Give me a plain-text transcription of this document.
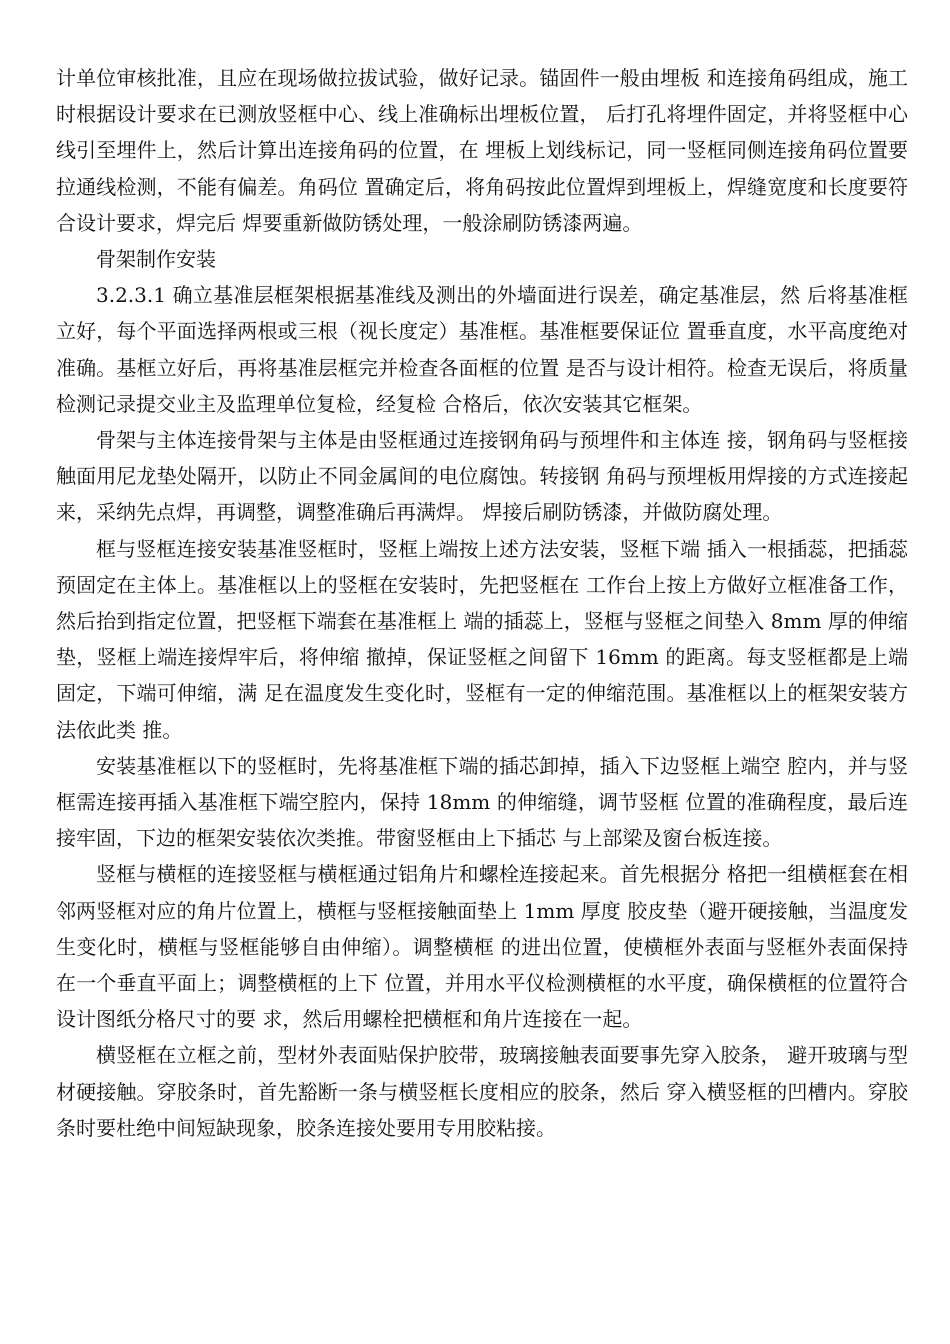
计单位审核批准，且应在现场做拉拔试验，做好记录。锚固件一般由埋板 和连接角码组成，施工时根据设计要求在已测放竖框中心、线上准确标出埋板位置， 后打孔将埋件固定，并将竖框中心线引至埋件上，然后计算出连接角码的位置，在 埋板上划线标记，同一竖框同侧连接角码位置要拉通线检测，不能有偏差。角码位 置确定后，将角码按此位置焊到埋板上，焊缝宽度和长度要符合设计要求，焊完后 焊要重新做防锈处理，一般涂刷防锈漆两遍。

骨架制作安装

3.2.3.1 确立基准层框架根据基准线及测出的外墙面进行误差，确定基准层，然 后将基准框立好，每个平面选择两根或三根（视长度定）基准框。基准框要保证位 置垂直度，水平高度绝对准确。基框立好后，再将基准层框完并检查各面框的位置 是否与设计相符。检查无误后，将质量检测记录提交业主及监理单位复检，经复检 合格后，依次安装其它框架。

骨架与主体连接骨架与主体是由竖框通过连接钢角码与预埋件和主体连 接，钢角码与竖框接触面用尼龙垫处隔开，以防止不同金属间的电位腐蚀。转接钢 角码与预埋板用焊接的方式连接起来，采纳先点焊，再调整，调整准确后再满焊。 焊接后刷防锈漆，并做防腐处理。

框与竖框连接安装基准竖框时，竖框上端按上述方法安装，竖框下端 插入一根插蕊，把插蕊预固定在主体上。基准框以上的竖框在安装时，先把竖框在 工作台上按上方做好立框准备工作，然后抬到指定位置，把竖框下端套在基准框上 端的插蕊上，竖框与竖框之间垫入 8mm 厚的伸缩垫，竖框上端连接焊牢后，将伸缩 撤掉，保证竖框之间留下 16mm 的距离。每支竖框都是上端固定，下端可伸缩，满 足在温度发生变化时，竖框有一定的伸缩范围。基准框以上的框架安装方法依此类 推。

安装基准框以下的竖框时，先将基准框下端的插芯卸掉，插入下边竖框上端空 腔内，并与竖框需连接再插入基准框下端空腔内，保持 18mm 的伸缩缝，调节竖框 位置的准确程度，最后连接牢固，下边的框架安装依次类推。带窗竖框由上下插芯 与上部梁及窗台板连接。

竖框与横框的连接竖框与横框通过铝角片和螺栓连接起来。首先根据分 格把一组横框套在相邻两竖框对应的角片位置上，横框与竖框接触面垫上 1mm 厚度 胶皮垫（避开硬接触，当温度发生变化时，横框与竖框能够自由伸缩）。调整横框 的进出位置，使横框外表面与竖框外表面保持在一个垂直平面上；调整横框的上下 位置，并用水平仪检测横框的水平度，确保横框的位置符合设计图纸分格尺寸的要 求，然后用螺栓把横框和角片连接在一起。

横竖框在立框之前，型材外表面贴保护胶带，玻璃接触表面要事先穿入胶条， 避开玻璃与型材硬接触。穿胶条时，首先豁断一条与横竖框长度相应的胶条，然后 穿入横竖框的凹槽内。穿胶条时要杜绝中间短缺现象，胶条连接处要用专用胶粘接。
